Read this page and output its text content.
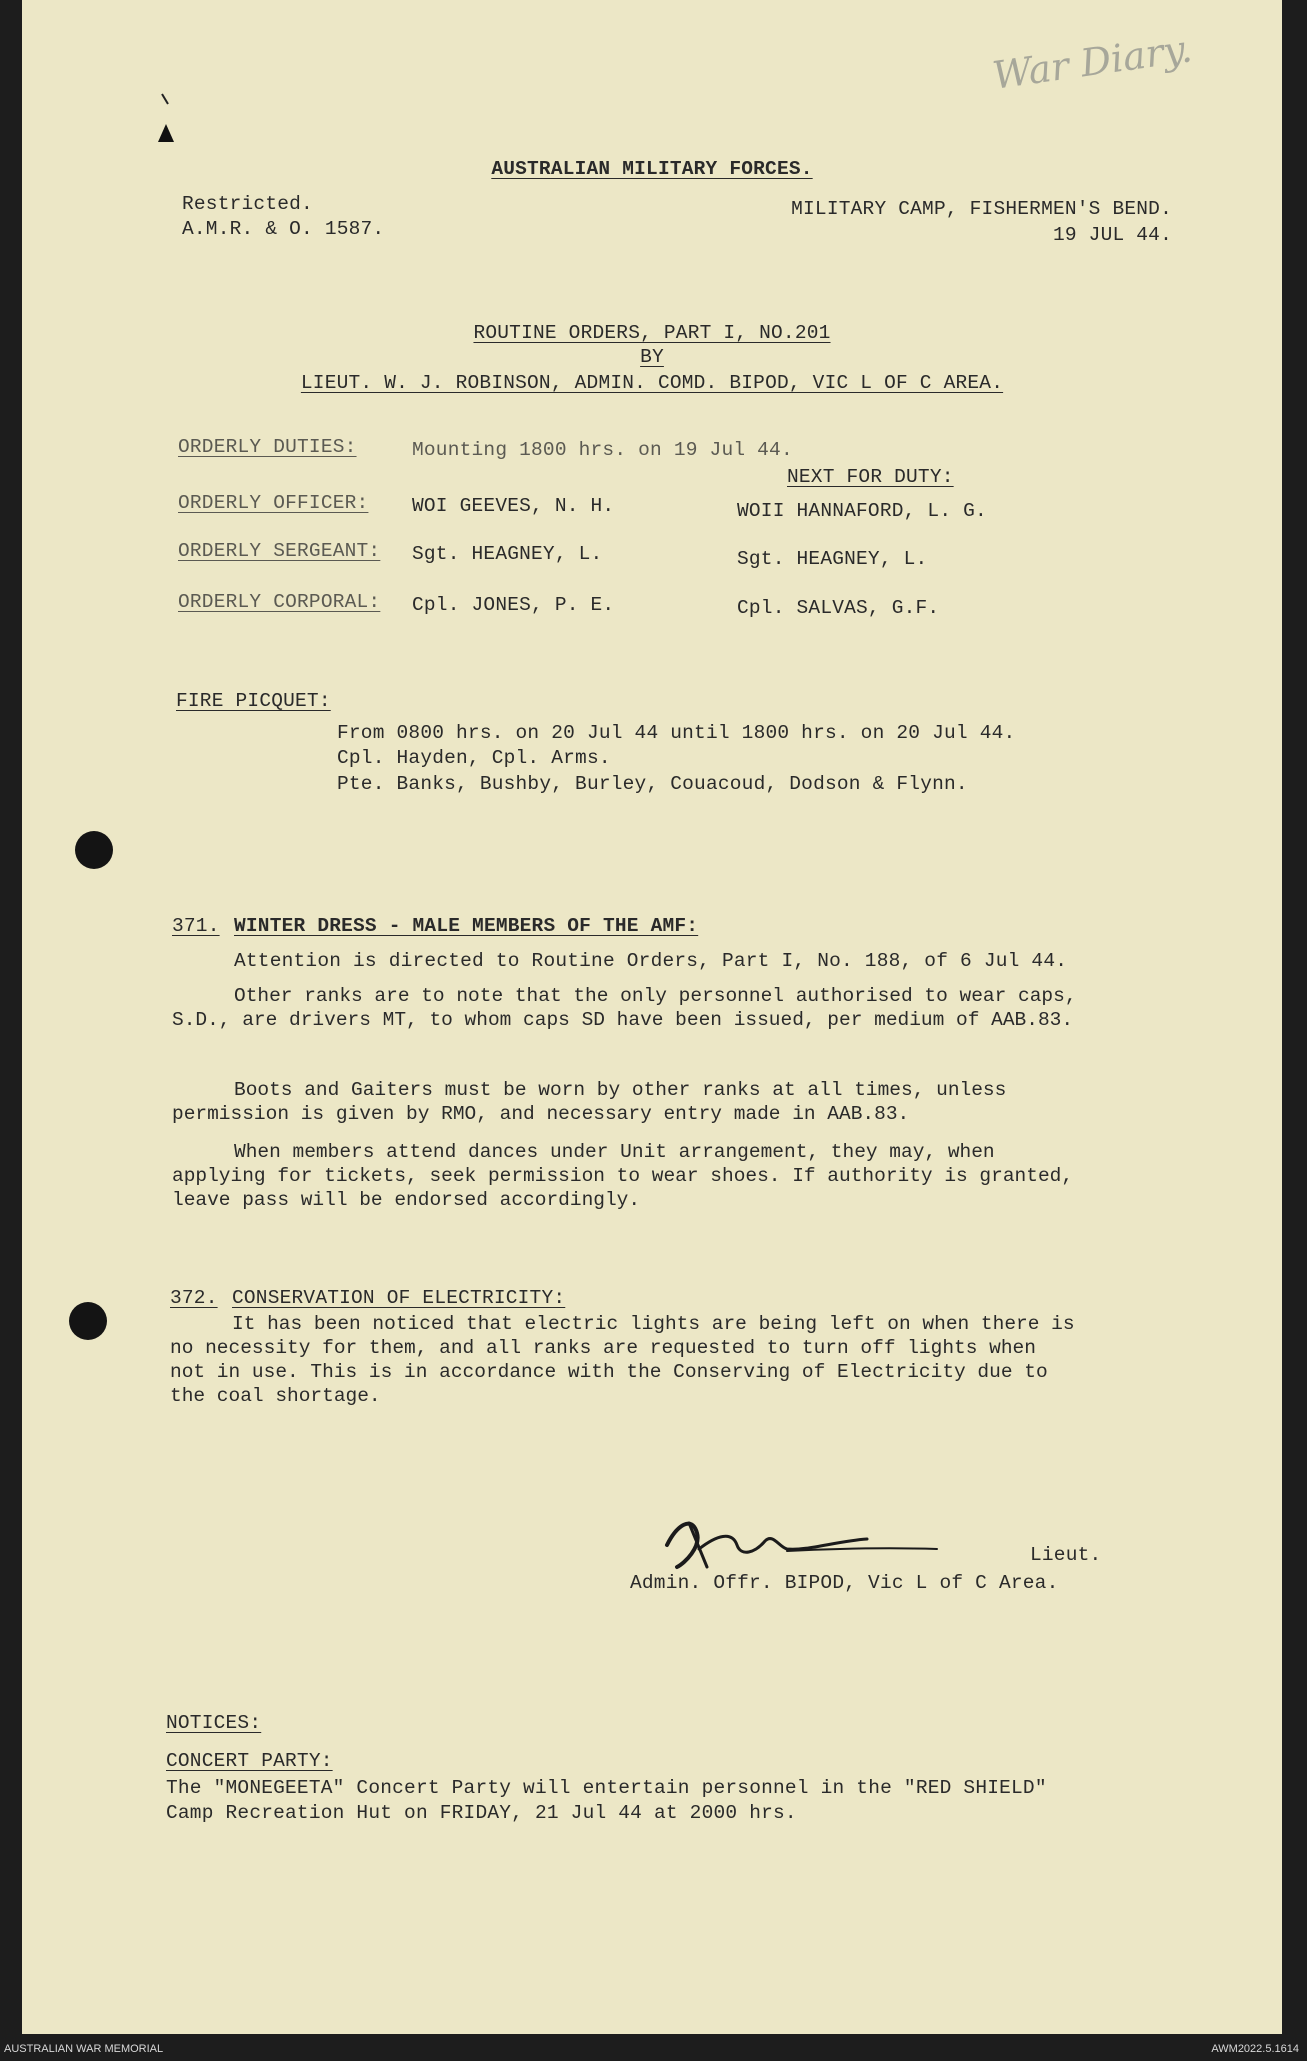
War Diary.
AUSTRALIAN MILITARY FORCES.
Restricted.
A.M.R. & O. 1587.
MILITARY CAMP, FISHERMEN'S BEND.
19 JUL 44.
ROUTINE ORDERS, PART I, NO.201
BY
LIEUT. W. J. ROBINSON, ADMIN. COMD. BIPOD, VIC L OF C AREA.
ORDERLY DUTIES:	Mounting 1800 hrs. on 19 Jul 44.
NEXT FOR DUTY:
ORDERLY OFFICER: WOI GEEVES, N. H.	WOII HANNAFORD, L. G.
ORDERLY SERGEANT: Sgt. HEAGNEY, L.	Sgt. HEAGNEY, L.
ORDERLY CORPORAL: Cpl. JONES, P. E.	Cpl. SALVAS, G.F.
FIRE PICQUET:
From 0800 hrs. on 20 Jul 44 until 1800 hrs. on 20 Jul 44.
Cpl. Hayden, Cpl. Arms.
Pte. Banks, Bushby, Burley, Couacoud, Dodson & Flynn.
371. WINTER DRESS - MALE MEMBERS OF THE AMF:
Attention is directed to Routine Orders, Part I, No. 188, of 6 Jul 44.
Other ranks are to note that the only personnel authorised to wear caps, S.D., are drivers MT, to whom caps SD have been issued, per medium of AAB.83.
Boots and Gaiters must be worn by other ranks at all times, unless permission is given by RMO, and necessary entry made in AAB.83.
When members attend dances under Unit arrangement, they may, when applying for tickets, seek permission to wear shoes. If authority is granted, leave pass will be endorsed accordingly.
372. CONSERVATION OF ELECTRICITY:
It has been noticed that electric lights are being left on when there is no necessity for them, and all ranks are requested to turn off lights when not in use. This is in accordance with the Conserving of Electricity due to the coal shortage.
Lieut.
Admin. Offr. BIPOD, Vic L of C Area.
NOTICES:
CONCERT PARTY:
The "MONEGEETA" Concert Party will entertain personnel in the "RED SHIELD"
Camp Recreation Hut on FRIDAY, 21 Jul 44 at 2000 hrs.
AUSTRALIAN WAR MEMORIAL	AWM2022.5.1614
